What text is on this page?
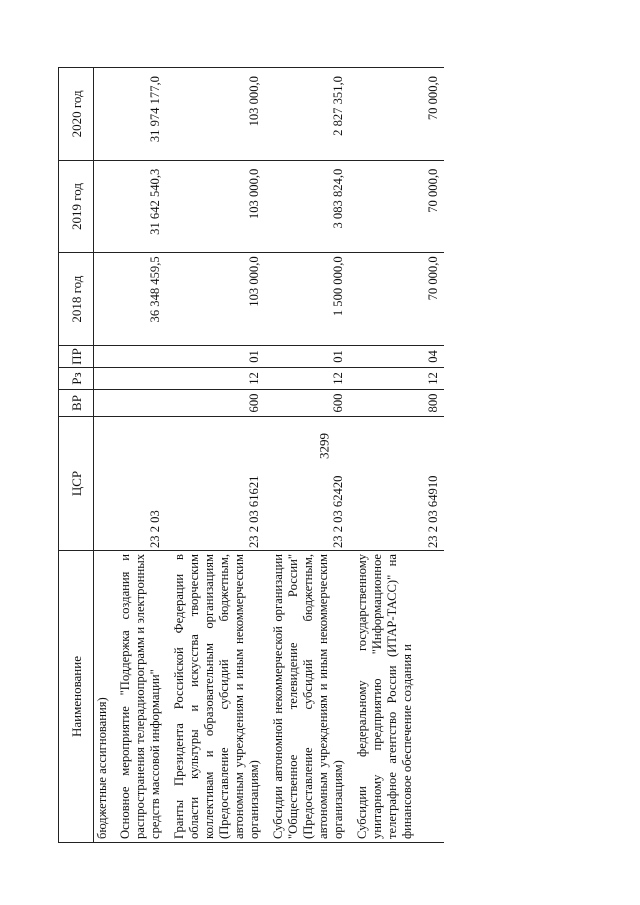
3299
Наименование	ЦСР	ВР	Рз	ПР	2018 год	2019 год	2020 год
бюджетные ассигнования)							
Основное мероприятие "Поддержка создания и распространения телерадиопрограмм и электронных средств массовой информации"	23 2 03				36 348 459,5	31 642 540,3	31 974 177,0
Гранты Президента Российской Федерации в области культуры и искусства творческим коллективам и образовательным организациям (Предоставление субсидий бюджетным, автономным учреждениям и иным некоммерческим организациям)	23 2 03 61621	600	12	01	103 000,0	103 000,0	103 000,0
Субсидии автономной некоммерческой организации "Общественное телевидение России" (Предоставление субсидий бюджетным, автономным учреждениям и иным некоммерческим организациям)	23 2 03 62420	600	12	01	1 500 000,0	3 083 824,0	2 827 351,0
Субсидии федеральному государственному унитарному предприятию "Информационное телеграфное агентство России (ИТАР-ТАСС)" на финансовое обеспечение создания и	23 2 03 64910	800	12	04	70 000,0	70 000,0	70 000,0
